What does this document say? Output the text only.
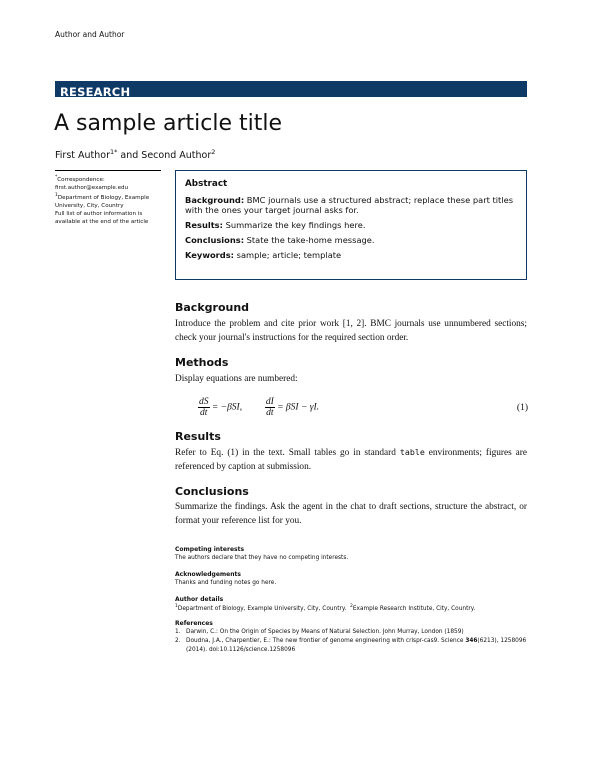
Author and Author
RESEARCH
A sample article title
First Author$^{1*}$ and Second Author$^2$
*Correspondence:
first.author@example.edu
$^1$Department of Biology, Example University, City, Country
Full list of author information is available at the end of the article
Abstract

Background: BMC journals use a structured abstract; replace these part titles with the ones your target journal asks for.

Results: Summarize the key findings here.

Conclusions: State the take-home message.

Keywords: sample; article; template

Background
Introduce the problem and cite prior work [1, 2]. BMC journals use unnumbered sections; check your journal's instructions for the required section order.
Methods
Display equations are numbered:
$\frac{dS}{dt} = -\beta SI$, $\frac{dI}{dt} = \beta SI - \gamma I$.	(1)
Results
Refer to Eq. (1) in the text. Small tables go in standard table environments; figures are referenced by caption at submission.
Conclusions
Summarize the findings. Ask the agent in the chat to draft sections, structure the abstract, or format your reference list for you.
Competing interests
The authors declare that they have no competing interests.
Acknowledgements
Thanks and funding notes go here.
Author details
$^1$Department of Biology, Example University, City, Country. $^2$Example Research Institute, City, Country.
References
1. Darwin, C.: On the Origin of Species by Means of Natural Selection. John Murray, London (1859)
2. Doudna, J.A., Charpentier, E.: The new frontier of genome engineering with crispr-cas9. Science 346(6213), 1258096 (2014). doi:10.1126/science.1258096
